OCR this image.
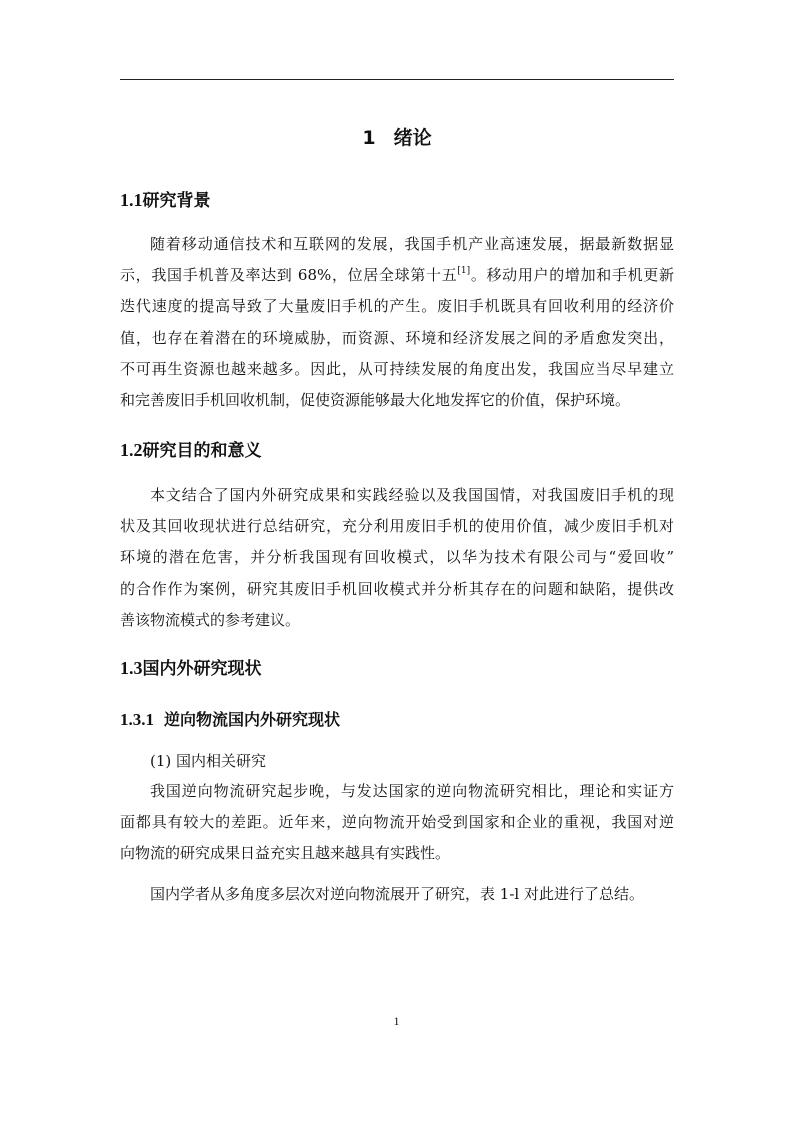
1 绪论
1.1研究背景
随着移动通信技术和互联网的发展，我国手机产业高速发展，据最新数据显
示，我国手机普及率达到 68%，位居全球第十五[1]。移动用户的增加和手机更新
迭代速度的提高导致了大量废旧手机的产生。废旧手机既具有回收利用的经济价
值，也存在着潜在的环境威胁，而资源、环境和经济发展之间的矛盾愈发突出，
不可再生资源也越来越多。因此，从可持续发展的角度出发，我国应当尽早建立
和完善废旧手机回收机制，促使资源能够最大化地发挥它的价值，保护环境。
1.2研究目的和意义
本文结合了国内外研究成果和实践经验以及我国国情，对我国废旧手机的现
状及其回收现状进行总结研究，充分利用废旧手机的使用价值，减少废旧手机对
环境的潜在危害，并分析我国现有回收模式，以华为技术有限公司与“爱回收”
的合作作为案例，研究其废旧手机回收模式并分析其存在的问题和缺陷，提供改
善该物流模式的参考建议。
1.3国内外研究现状
1.3.1 逆向物流国内外研究现状
(1) 国内相关研究
我国逆向物流研究起步晚，与发达国家的逆向物流研究相比，理论和实证方
面都具有较大的差距。近年来，逆向物流开始受到国家和企业的重视，我国对逆
向物流的研究成果日益充实且越来越具有实践性。
国内学者从多角度多层次对逆向物流展开了研究，表 1-l 对此进行了总结。
1
